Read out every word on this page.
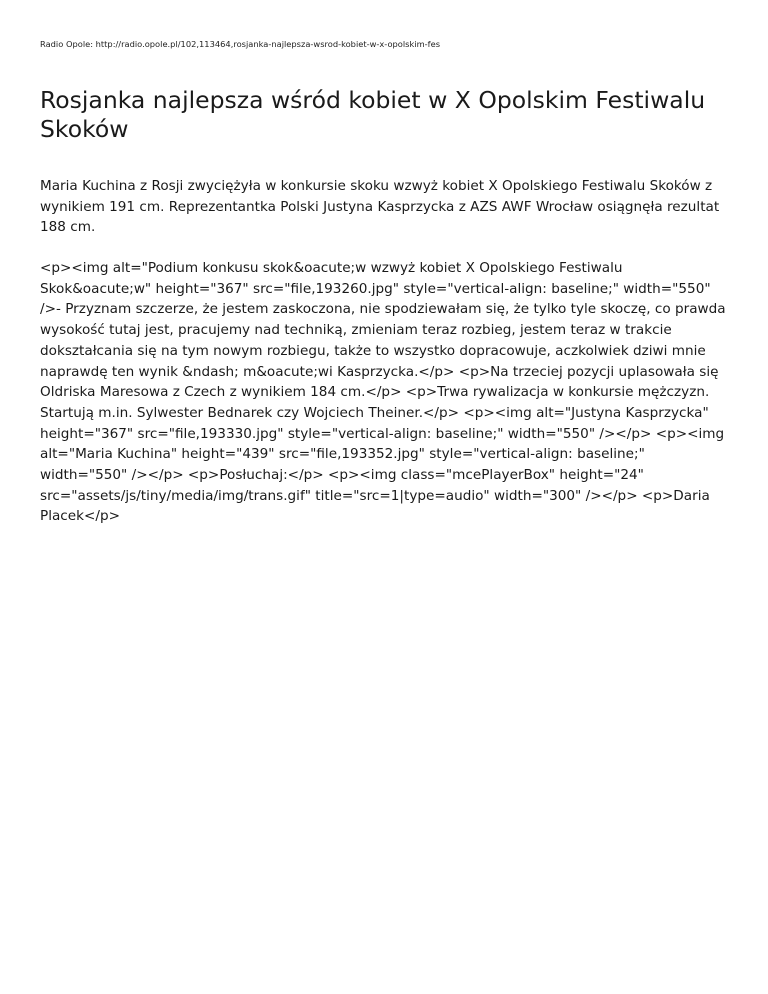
Radio Opole: http://radio.opole.pl/102,113464,rosjanka-najlepsza-wsrod-kobiet-w-x-opolskim-fes
Rosjanka najlepsza wśród kobiet w X Opolskim Festiwalu Skoków

Maria Kuchina z Rosji zwyciężyła w konkursie skoku wzwyż kobiet X Opolskiego Festiwalu Skoków z wynikiem 191 cm. Reprezentantka Polski Justyna Kasprzycka z AZS AWF Wrocław osiągnęła rezultat 188 cm.

<p><img alt="Podium konkusu skok&oacute;w wzwyż kobiet X Opolskiego Festiwalu Skok&oacute;w" height="367" src="file,193260.jpg" style="vertical-align: baseline;" width="550" />- Przyznam szczerze, że jestem zaskoczona, nie spodziewałam się, że tylko tyle skoczę, co prawda wysokość tutaj jest, pracujemy nad techniką, zmieniam teraz rozbieg, jestem teraz w trakcie dokształcania się na tym nowym rozbiegu, także to wszystko dopracowuje, aczkolwiek dziwi mnie naprawdę ten wynik &ndash; m&oacute;wi Kasprzycka.</p> <p>Na trzeciej pozycji uplasowała się Oldriska Maresowa z Czech z wynikiem 184 cm.</p> <p>Trwa rywalizacja w konkursie mężczyzn. Startują m.in. Sylwester Bednarek czy Wojciech Theiner.</p> <p><img alt="Justyna Kasprzycka" height="367" src="file,193330.jpg" style="vertical-align: baseline;" width="550" /></p> <p><img alt="Maria Kuchina" height="439" src="file,193352.jpg" style="vertical-align: baseline;" width="550" /></p> <p>Posłuchaj:</p> <p><img class="mcePlayerBox" height="24" src="assets/js/tiny/media/img/trans.gif" title="src=1|type=audio" width="300" /></p> <p>Daria Placek</p>
